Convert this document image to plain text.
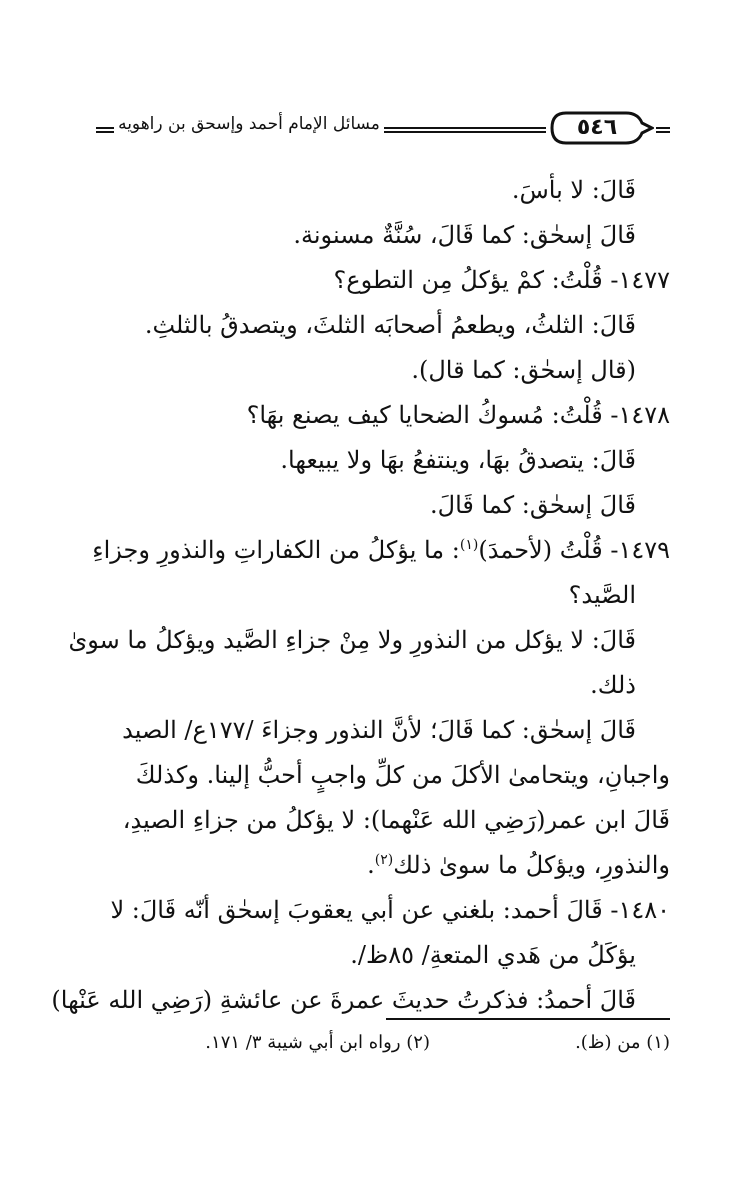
مسائل الإمام أحمد وإسحق بن راهويه	٥٤٦
قَالَ: لا بأسَ.
قَالَ إسحٰق: كما قَالَ، سُنَّةٌ مسنونة.
١٤٧٧- قُلْتُ: كمْ يؤكلُ مِن التطوع؟
قَالَ: الثلثُ، ويطعمُ أصحابَه الثلثَ، ويتصدقُ بالثلثِ.
(قال إسحٰق: كما قال).
١٤٧٨- قُلْتُ: مُسوكُ الضحايا كيف يصنع بهَا؟
قَالَ: يتصدقُ بهَا، وينتفعُ بهَا ولا يبيعها.
قَالَ إسحٰق: كما قَالَ.
١٤٧٩- قُلْتُ (لأحمدَ)$^{(١)}$: ما يؤكلُ من الكفاراتِ والنذورِ وجزاءِ
الصَّيد؟
قَالَ: لا يؤكل من النذورِ ولا مِنْ جزاءِ الصَّيد ويؤكلُ ما سوىٰ
ذلك.
قَالَ إسحٰق: كما قَالَ؛ لأنَّ النذور وجزاءَ /١٧٧ع/ الصيد
واجبانِ، ويتحامىٰ الأكلَ من كلِّ واجبٍ أحبُّ إلينا. وكذلكَ
قَالَ ابن عمر(رَضِي الله عَنْهما): لا يؤكلُ من جزاءِ الصيدِ،
والنذورِ، ويؤكلُ ما سوىٰ ذلك$^{(٢)}$.
١٤٨٠- قَالَ أحمد: بلغني عن أبي يعقوبَ إسحٰق أنّه قَالَ: لا
يؤكَلُ من هَدي المتعةِ/ ٨٥ظ/.
قَالَ أحمدُ: فذكرتُ حديثَ عمرةَ عن عائشةِ (رَضِي الله عَنْها)
(١) من (ظ).
(٢) رواه ابن أبي شيبة ٣/ ١٧١.
